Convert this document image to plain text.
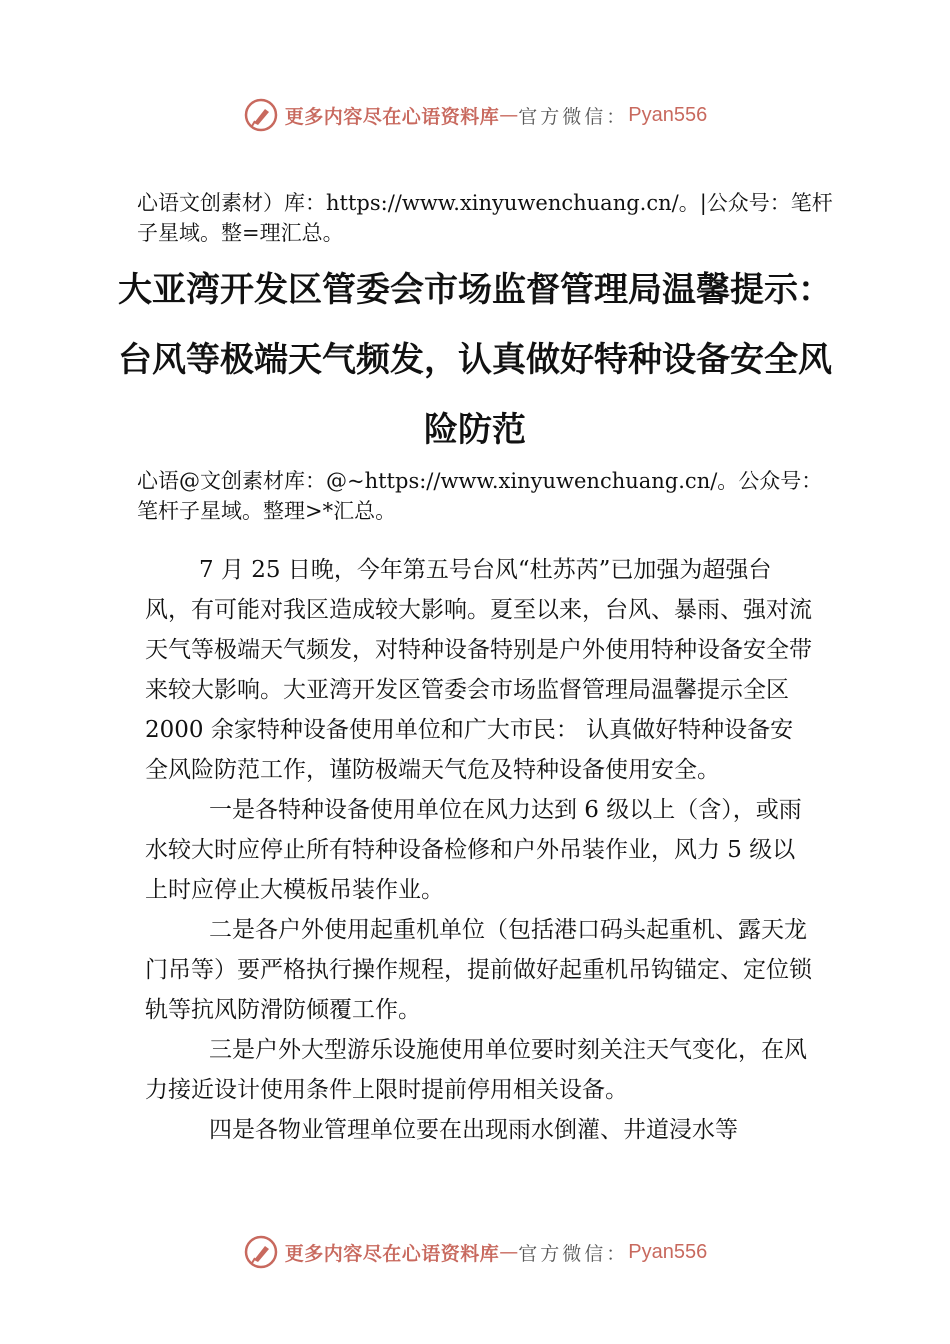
更多内容尽在心语资料库 — 官方微信： Pyan556
心语文创素材）库：https://www.xinyuwenchuang.cn/。|公众号：笔杆子星域。整=理汇总。
大亚湾开发区管委会市场监督管理局温馨提示：台风等极端天气频发，认真做好特种设备安全风险防范
心语@文创素材库：@~https://www.xinyuwenchuang.cn/。公众号：笔杆子星域。整理>*汇总。

7 月 25 日晚，今年第五号台风“杜苏芮”已加强为超强台风，有可能对我区造成较大影响。夏至以来，台风、暴雨、强对流天气等极端天气频发，对特种设备特别是户外使用特种设备安全带来较大影响。大亚湾开发区管委会市场监督管理局温馨提示全区 2000 余家特种设备使用单位和广大市民： 认真做好特种设备安全风险防范工作，谨防极端天气危及特种设备使用安全。

一是各特种设备使用单位在风力达到 6 级以上（含），或雨水较大时应停止所有特种设备检修和户外吊装作业，风力 5 级以上时应停止大模板吊装作业。

二是各户外使用起重机单位（包括港口码头起重机、露天龙门吊等）要严格执行操作规程，提前做好起重机吊钩锚定、定位锁轨等抗风防滑防倾覆工作。

三是户外大型游乐设施使用单位要时刻关注天气变化，在风力接近设计使用条件上限时提前停用相关设备。

四是各物业管理单位要在出现雨水倒灌、井道浸水等

更多内容尽在心语资料库 — 官方微信： Pyan556
